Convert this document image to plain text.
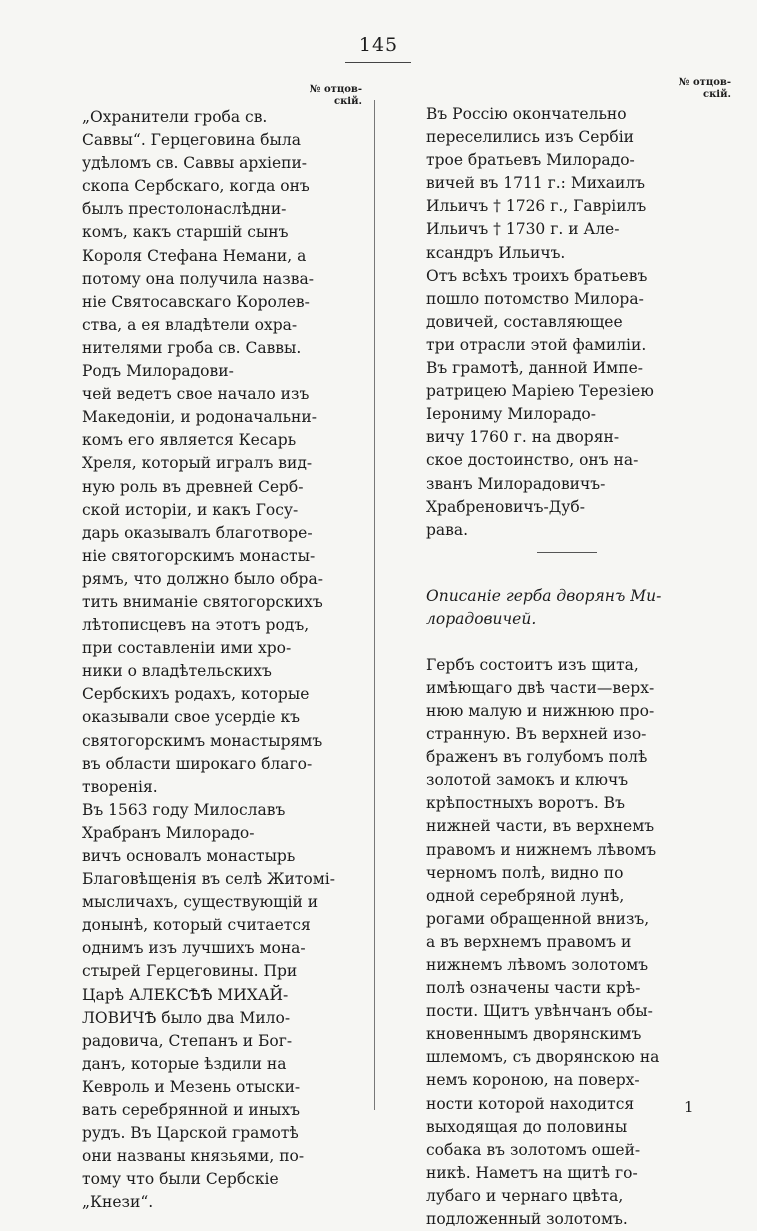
145
№ отцов-
скій.
№ отцов-
скій.
„Охранители гроба св.
Саввы“. Герцеговина была
удѣломъ св. Саввы архіепи-
скопа Сербскаго, когда онъ
былъ престолонаслѣдни-
комъ, какъ старшій сынъ
Короля Стефана Немани, а
потому она получила назва-
ніе Святосавскаго Королев-
ства, а ея владѣтели охра-
нителями гроба св. Саввы.
Родъ Милорадови-
чей ведетъ свое начало изъ
Македоніи, и родоначальни-
комъ его является Кесарь
Хреля, который игралъ вид-
ную роль въ древней Серб-
ской исторіи, и какъ Госу-
дарь оказывалъ благотворе-
ніе святогорскимъ монасты-
рямъ, что должно было обра-
тить вниманіе святогорскихъ
лѣтописцевъ на этотъ родъ,
при составленіи ими хро-
ники о владѣтельскихъ
Сербскихъ родахъ, которые
оказывали свое усердіе къ
святогорскимъ монастырямъ
въ области широкаго благо-
творенія.
Въ 1563 году Милославъ
Храбранъ Милорадо-
вичъ основалъ монастырь
Благовѣщенія въ селѣ Житомі-
мысличахъ, существующій и
донынѣ, который считается
однимъ изъ лучшихъ мона-
стырей Герцеговины. При
Царѣ АЛЕКСѢѢ МИХАЙ-
ЛОВИЧѢ было два Мило-
радовича, Степанъ и Бог-
данъ, которые ѣздили на
Кевроль и Мезень отыски-
вать серебрянной и иныхъ
рудъ. Въ Царской грамотѣ
они названы князьями, по-
тому что были Сербскіе
„Кнези“.
Въ Россію окончательно
переселились изъ Сербіи
трое братьевъ Милорадо-
вичей въ 1711 г.: Михаилъ
Ильичъ † 1726 г., Гавріилъ
Ильичъ † 1730 г. и Але-
ксандръ Ильичъ.
Отъ всѣхъ троихъ братьевъ
пошло потомство Милора-
довичей, составляющее
три отрасли этой фамиліи.
Въ грамотѣ, данной Импе-
ратрицею Маріею Терезіею
Іерониму Милорадо-
вичу 1760 г. на дворян-
ское достоинство, онъ на-
званъ Милорадовичъ-
Храбреновичъ-Дуб-
рава.
Описаніе герба дворянъ Ми-
лорадовичей.
Гербъ состоитъ изъ щита,
имѣющаго двѣ части—верх-
нюю малую и нижнюю про-
странную. Въ верхней изо-
браженъ въ голубомъ полѣ
золотой замокъ и ключъ
крѣпостныхъ воротъ. Въ
нижней части, въ верхнемъ
правомъ и нижнемъ лѣвомъ
черномъ полѣ, видно по
одной серебряной лунѣ,
рогами обращенной внизъ,
а въ верхнемъ правомъ и
нижнемъ лѣвомъ золотомъ
полѣ означены части крѣ-
пости. Щитъ увѣнчанъ обы-
кновеннымъ дворянскимъ
шлемомъ, съ дворянскою на
немъ короною, на поверх-
ности которой находится
выходящая до половины
собака въ золотомъ ошей-
никѣ. Наметъ на щитѣ го-
лубаго и чернаго цвѣта,
подложенный золотомъ.
1
